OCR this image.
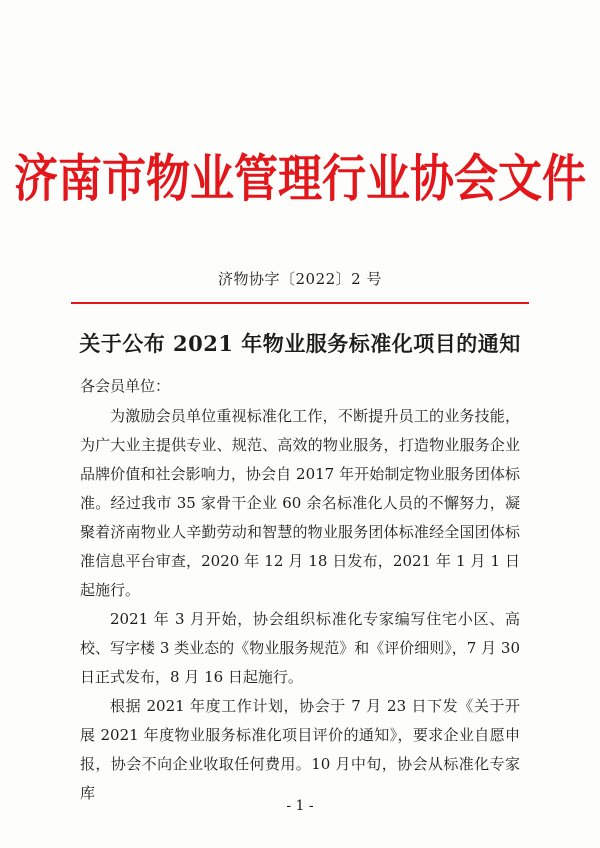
济南市物业管理行业协会文件
济物协字〔2022〕2 号
关于公布 2021 年物业服务标准化项目的通知
各会员单位：

为激励会员单位重视标准化工作，不断提升员工的业务技能，为广大业主提供专业、规范、高效的物业服务，打造物业服务企业品牌价值和社会影响力，协会自 2017 年开始制定物业服务团体标准。经过我市 35 家骨干企业 60 余名标准化人员的不懈努力，凝聚着济南物业人辛勤劳动和智慧的物业服务团体标准经全国团体标准信息平台审查，2020 年 12 月 18 日发布，2021 年 1 月 1 日起施行。

2021 年 3 月开始，协会组织标准化专家编写住宅小区、高校、写字楼 3 类业态的《物业服务规范》和《评价细则》，7 月 30 日正式发布，8 月 16 日起施行。

根据 2021 年度工作计划，协会于 7 月 23 日下发《关于开展 2021 年度物业服务标准化项目评价的通知》，要求企业自愿申报，协会不向企业收取任何费用。10 月中旬，协会从标准化专家库

- 1 -
